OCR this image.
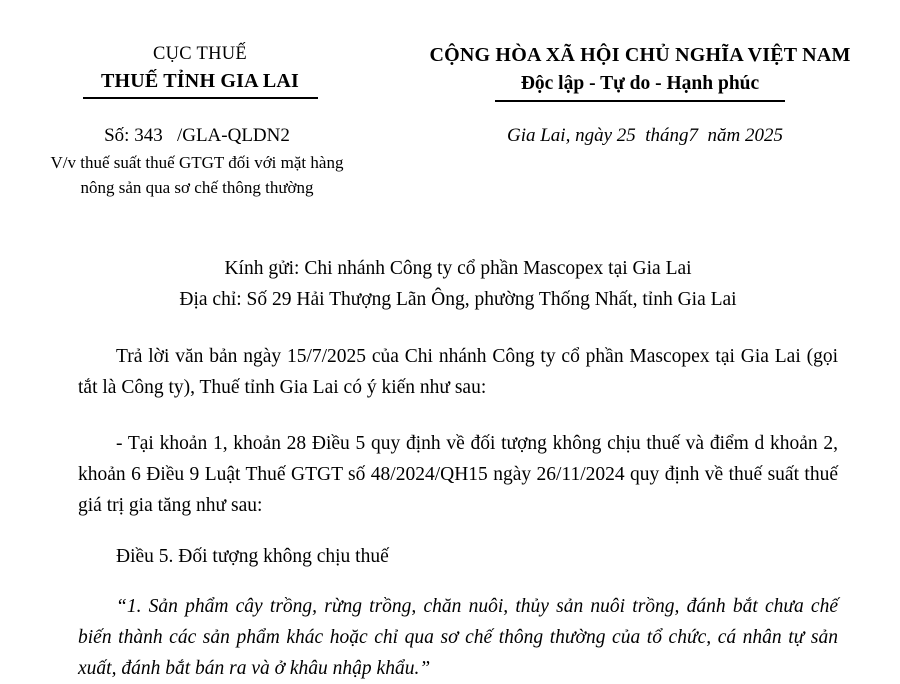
CỤC THUẾ
THUẾ TỈNH GIA LAI
CỘNG HÒA XÃ HỘI CHỦ NGHĨA VIỆT NAM
Độc lập - Tự do - Hạnh phúc
Số: 343   /GLA-QLDN2
V/v thuế suất thuế GTGT đối với mặt hàng
nông sản qua sơ chế thông thường
Gia Lai, ngày 25  tháng7  năm 2025
Kính gửi: Chi nhánh Công ty cổ phần Mascopex tại Gia Lai
Địa chỉ: Số 29 Hải Thượng Lãn Ông, phường Thống Nhất, tỉnh Gia Lai
Trả lời văn bản ngày 15/7/2025 của Chi nhánh Công ty cổ phần Mascopex tại Gia Lai (gọi tắt là Công ty), Thuế tỉnh Gia Lai có ý kiến như sau:
- Tại khoản 1, khoản 28 Điều 5 quy định về đối tượng không chịu thuế và điểm d khoản 2, khoản 6 Điều 9 Luật Thuế GTGT số 48/2024/QH15 ngày 26/11/2024 quy định về thuế suất thuế giá trị gia tăng như sau:
Điều 5. Đối tượng không chịu thuế
“1. Sản phẩm cây trồng, rừng trồng, chăn nuôi, thủy sản nuôi trồng, đánh bắt chưa chế biến thành các sản phẩm khác hoặc chỉ qua sơ chế thông thường của tổ chức, cá nhân tự sản xuất, đánh bắt bán ra và ở khâu nhập khẩu.”
